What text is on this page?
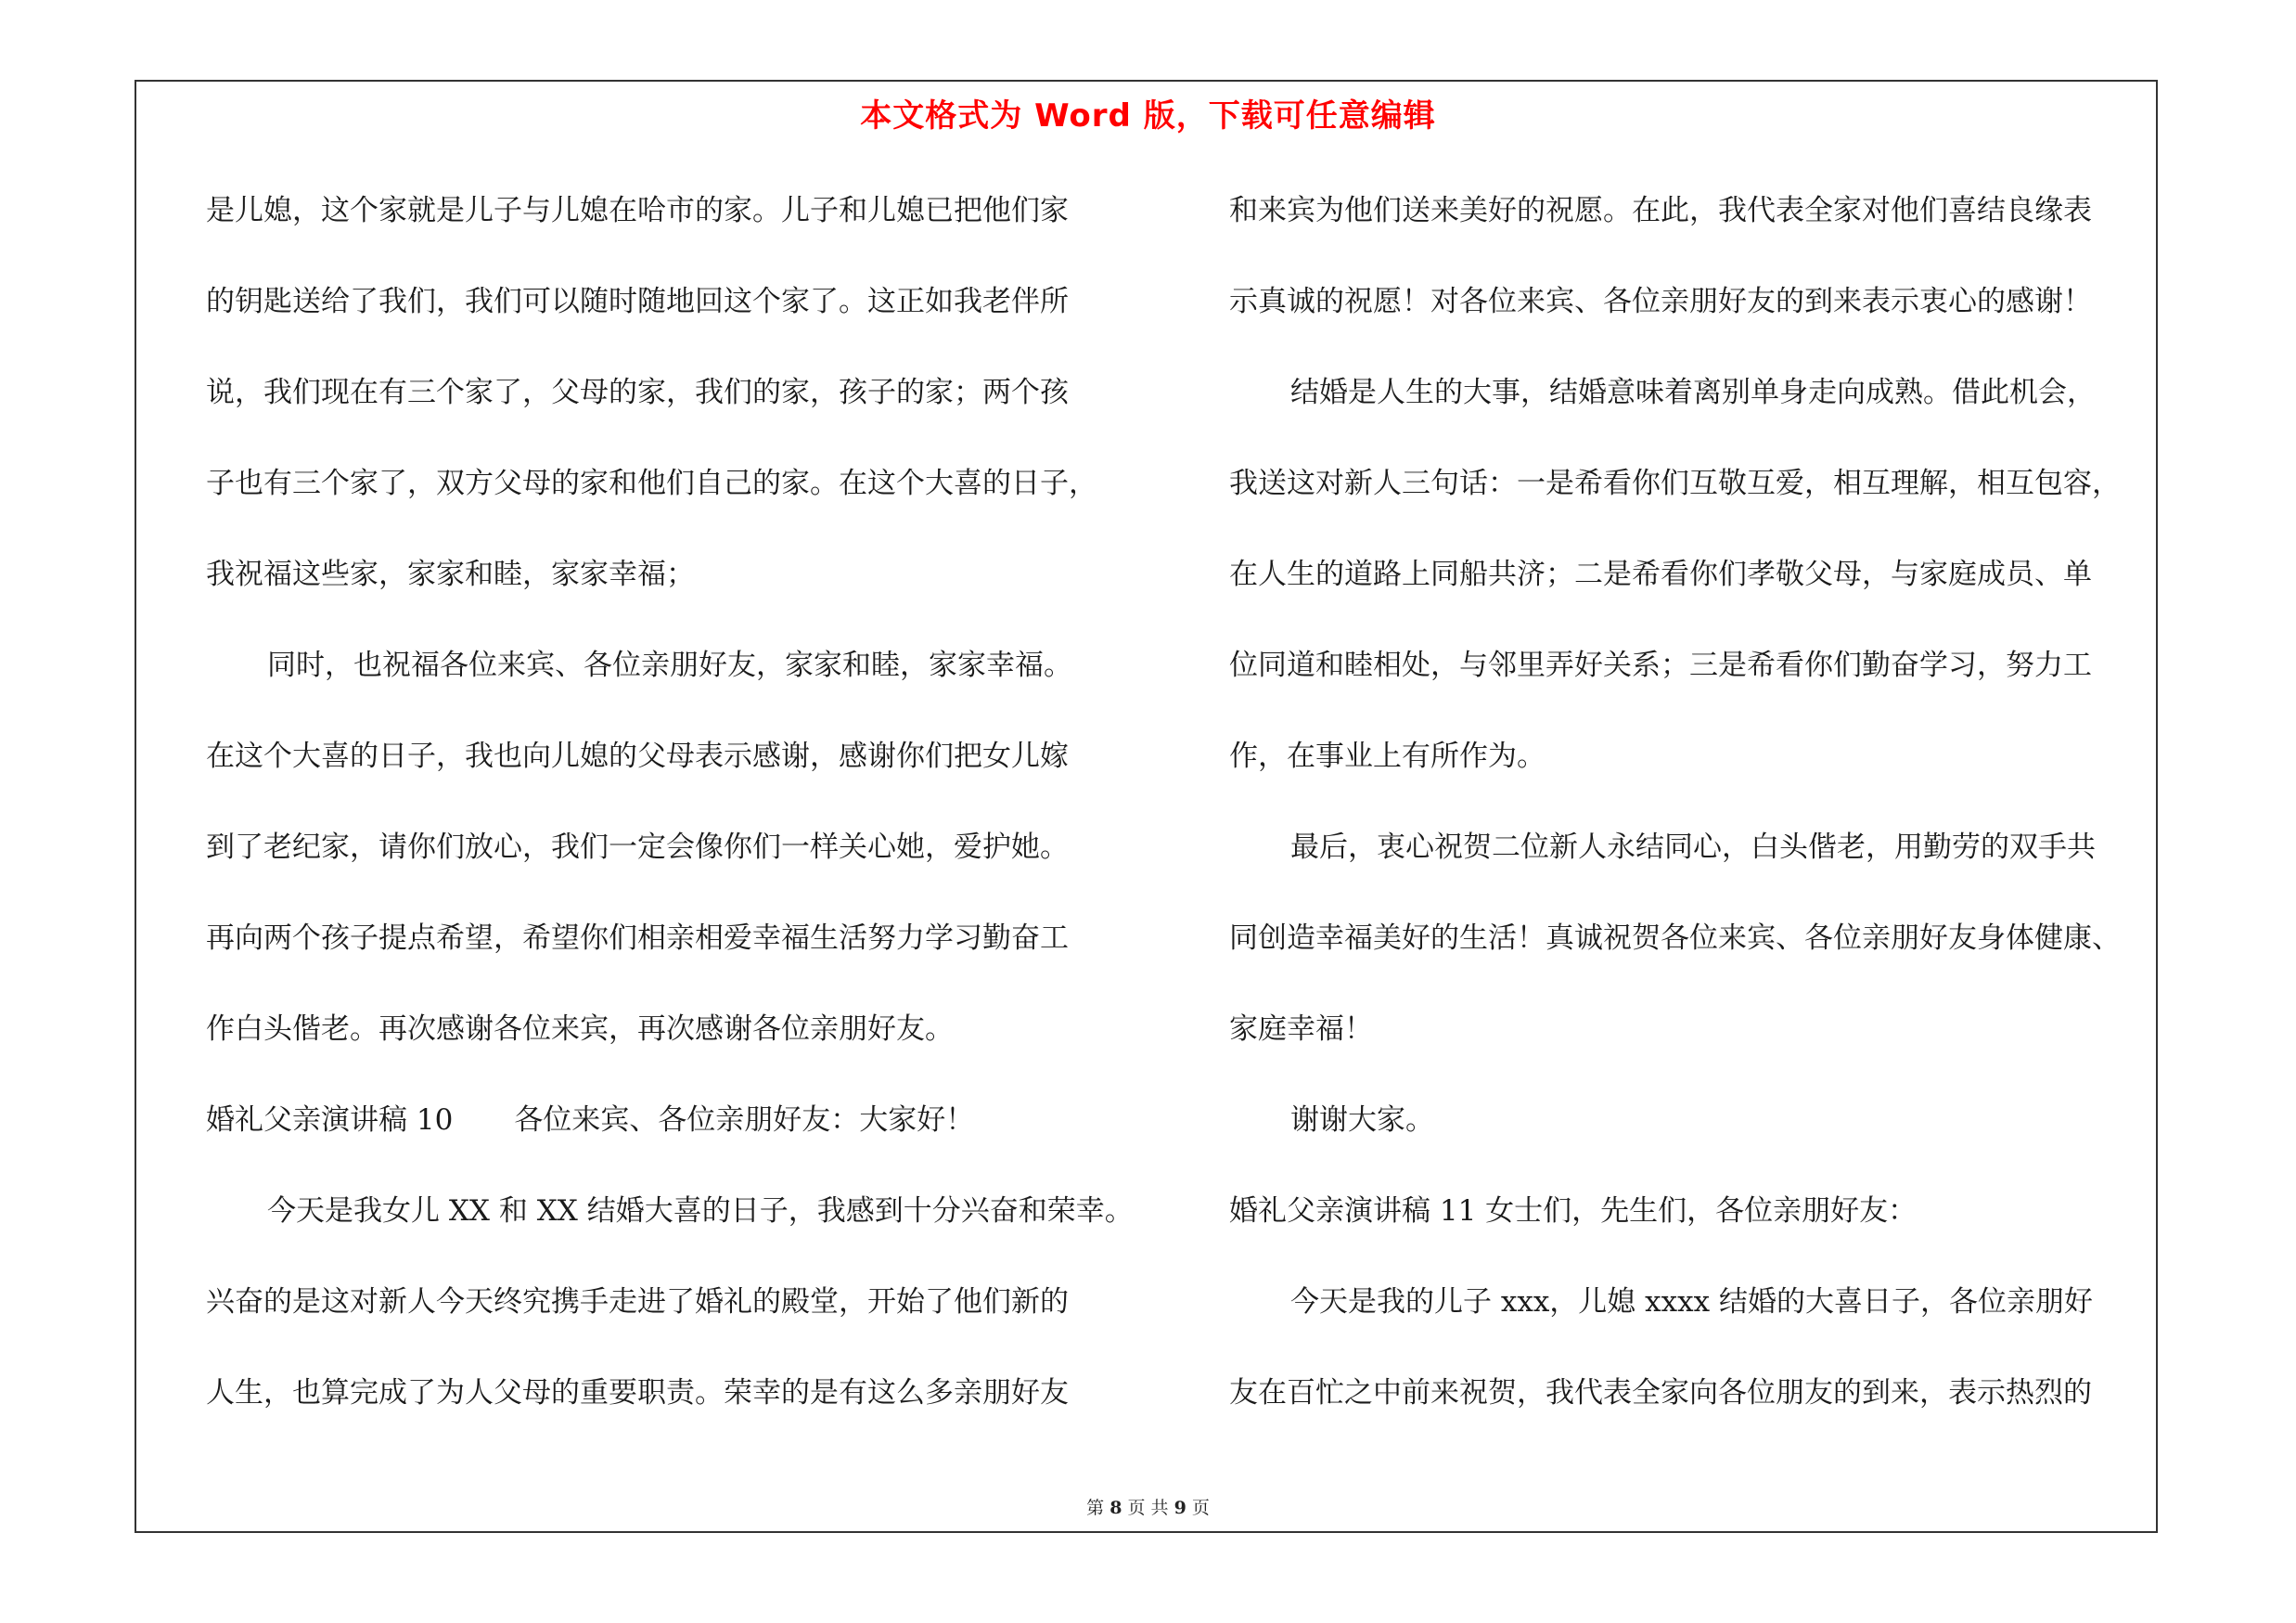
本文格式为 Word 版，下载可任意编辑
是儿媳，这个家就是儿子与儿媳在哈市的家。儿子和儿媳已把他们家
的钥匙送给了我们，我们可以随时随地回这个家了。这正如我老伴所
说，我们现在有三个家了，父母的家，我们的家，孩子的家；两个孩
子也有三个家了，双方父母的家和他们自己的家。在这个大喜的日子，
我祝福这些家，家家和睦，家家幸福；
同时，也祝福各位来宾、各位亲朋好友，家家和睦，家家幸福。
在这个大喜的日子，我也向儿媳的父母表示感谢，感谢你们把女儿嫁
到了老纪家，请你们放心，我们一定会像你们一样关心她，爱护她。
再向两个孩子提点希望，希望你们相亲相爱幸福生活努力学习勤奋工
作白头偕老。再次感谢各位来宾，再次感谢各位亲朋好友。
婚礼父亲演讲稿 10 各位来宾、各位亲朋好友：大家好！
今天是我女儿 XX 和 XX 结婚大喜的日子，我感到十分兴奋和荣幸。
兴奋的是这对新人今天终究携手走进了婚礼的殿堂，开始了他们新的
人生，也算完成了为人父母的重要职责。荣幸的是有这么多亲朋好友
和来宾为他们送来美好的祝愿。在此，我代表全家对他们喜结良缘表
示真诚的祝愿！对各位来宾、各位亲朋好友的到来表示衷心的感谢！
结婚是人生的大事，结婚意味着离别单身走向成熟。借此机会，
我送这对新人三句话：一是希看你们互敬互爱，相互理解，相互包容，
在人生的道路上同船共济；二是希看你们孝敬父母，与家庭成员、单
位同道和睦相处，与邻里弄好关系；三是希看你们勤奋学习，努力工
作，在事业上有所作为。
最后，衷心祝贺二位新人永结同心，白头偕老，用勤劳的双手共
同创造幸福美好的生活！真诚祝贺各位来宾、各位亲朋好友身体健康、
家庭幸福！
谢谢大家。
婚礼父亲演讲稿 11 女士们，先生们，各位亲朋好友：
今天是我的儿子 xxx，儿媳 xxxx 结婚的大喜日子，各位亲朋好
友在百忙之中前来祝贺，我代表全家向各位朋友的到来，表示热烈的
第 8 页 共 9 页
